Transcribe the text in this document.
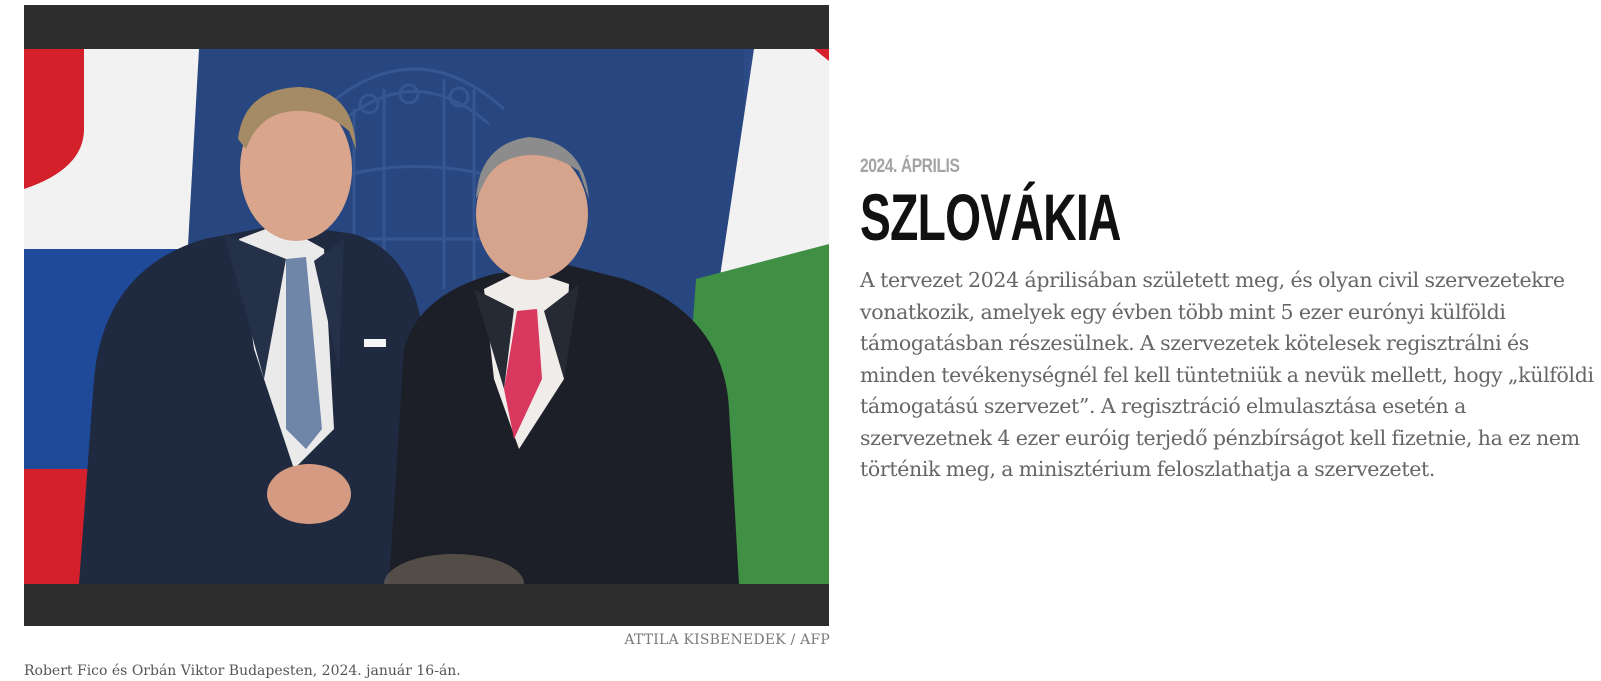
ATTILA KISBENEDEK / AFP
Robert Fico és Orbán Viktor Budapesten, 2024. január 16-án.
2024. ÁPRILIS
SZLOVÁKIA
A tervezet 2024 áprilisában született meg, és olyan civil szervezetekre vonatkozik, amelyek egy évben több mint 5 ezer eurónyi külföldi támogatásban részesülnek. A szervezetek kötelesek regisztrálni és minden tevékenységnél fel kell tüntetniük a nevük mellett, hogy „külföldi támogatású szervezet”. A regisztráció elmulasztása esetén a szervezetnek 4 ezer euróig terjedő pénzbírságot kell fizetnie, ha ez nem történik meg, a minisztérium feloszlathatja a szervezetet.
